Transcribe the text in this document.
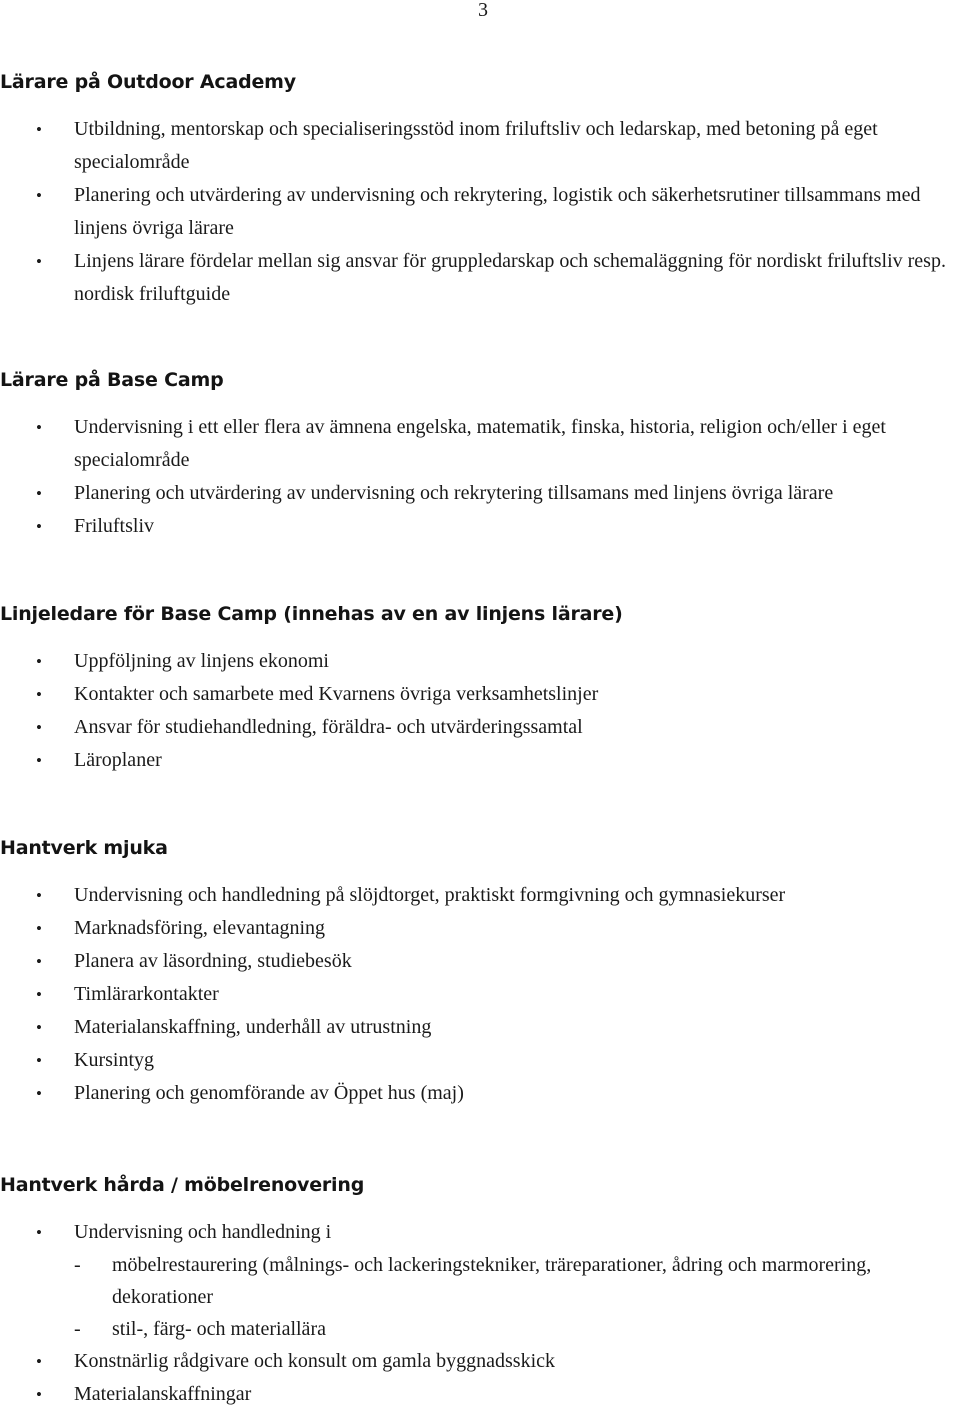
3
Lärare på Outdoor Academy
• Utbildning, mentorskap och specialiseringsstöd inom friluftsliv och ledarskap, med betoning på eget specialområde
• Planering och utvärdering av undervisning och rekrytering, logistik och säkerhetsrutiner tillsammans med linjens övriga lärare
• Linjens lärare fördelar mellan sig ansvar för gruppledarskap och schemaläggning för nordiskt friluftsliv resp. nordisk friluftguide
Lärare på Base Camp
• Undervisning i ett eller flera av ämnena engelska, matematik, finska, historia, religion och/eller i eget specialområde
• Planering och utvärdering av undervisning och rekrytering tillsamans med linjens övriga lärare
• Friluftsliv
Linjeledare för Base Camp (innehas av en av linjens lärare)
• Uppföljning av linjens ekonomi
• Kontakter och samarbete med Kvarnens övriga verksamhetslinjer
• Ansvar för studiehandledning, föräldra- och utvärderingssamtal
• Läroplaner
Hantverk mjuka
• Undervisning och handledning på slöjdtorget, praktiskt formgivning och gymnasiekurser
• Marknadsföring, elevantagning
• Planera av läsordning, studiebesök
• Timlärarkontakter
• Materialanskaffning, underhåll av utrustning
• Kursintyg
• Planering och genomförande av Öppet hus (maj)
Hantverk hårda / möbelrenovering
• Undervisning och handledning i
- möbelrestaurering (målnings- och lackeringstekniker, träreparationer, ådring och marmorering, dekorationer
- stil-, färg- och materiallära
• Konstnärlig rådgivare och konsult om gamla byggnadsskick
• Materialanskaffningar
